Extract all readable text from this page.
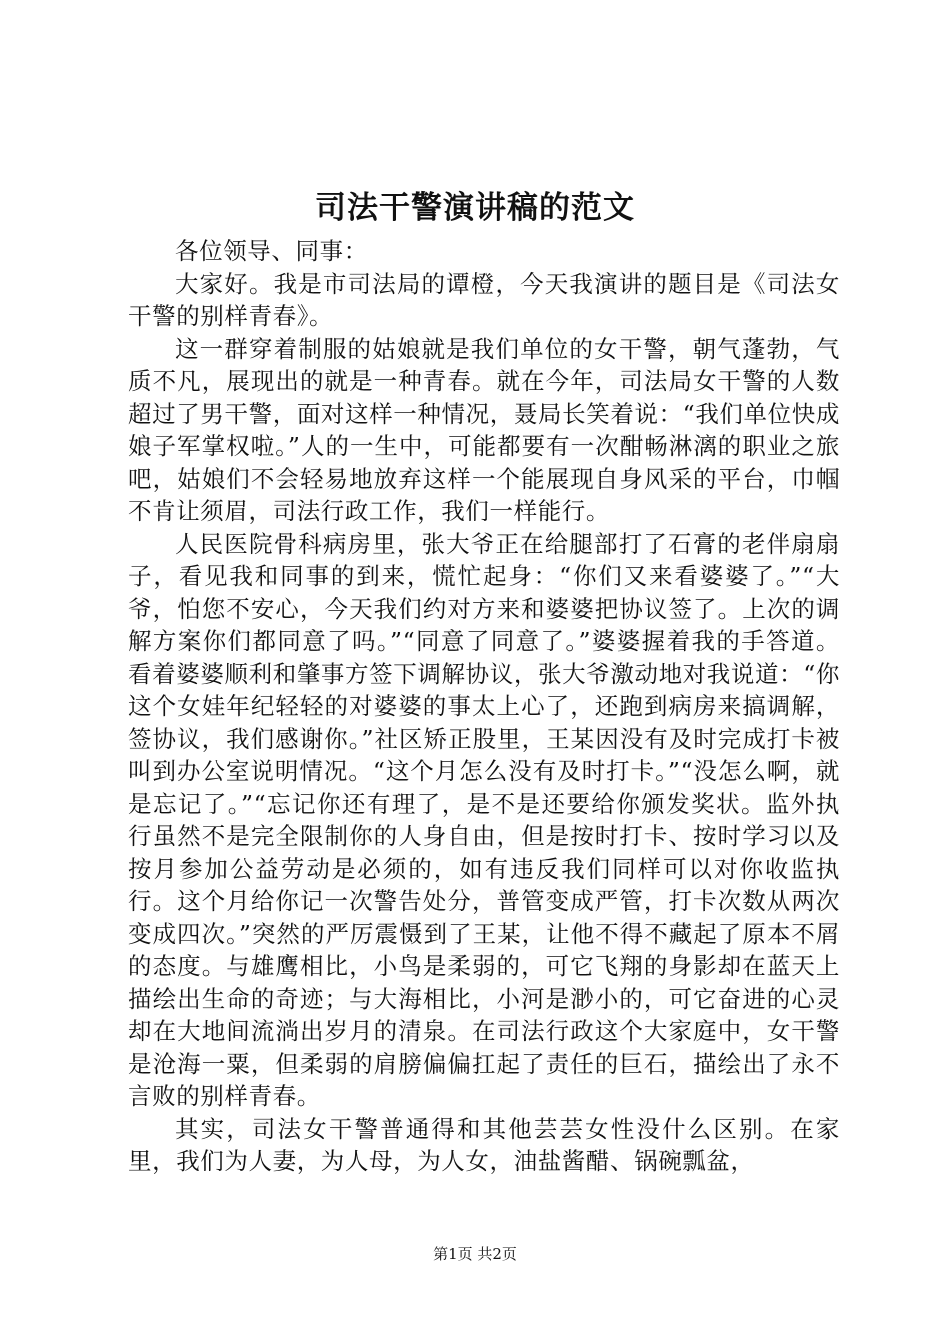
司法干警演讲稿的范文

各位领导、同事：

大家好。我是市司法局的谭橙，今天我演讲的题目是《司法女干警的别样青春》。

这一群穿着制服的姑娘就是我们单位的女干警，朝气蓬勃，气质不凡，展现出的就是一种青春。就在今年，司法局女干警的人数超过了男干警，面对这样一种情况，聂局长笑着说：“我们单位快成娘子军掌权啦。”人的一生中，可能都要有一次酣畅淋漓的职业之旅吧，姑娘们不会轻易地放弃这样一个能展现自身风采的平台，巾帼不肯让须眉，司法行政工作，我们一样能行。

人民医院骨科病房里，张大爷正在给腿部打了石膏的老伴扇扇子，看见我和同事的到来，慌忙起身：“你们又来看婆婆了。”“大爷，怕您不安心，今天我们约对方来和婆婆把协议签了。上次的调解方案你们都同意了吗。”“同意了同意了。”婆婆握着我的手答道。看着婆婆顺利和肇事方签下调解协议，张大爷激动地对我说道：“你这个女娃年纪轻轻的对婆婆的事太上心了，还跑到病房来搞调解，签协议，我们感谢你。”社区矫正股里，王某因没有及时完成打卡被叫到办公室说明情况。“这个月怎么没有及时打卡。”“没怎么啊，就是忘记了。”“忘记你还有理了，是不是还要给你颁发奖状。监外执行虽然不是完全限制你的人身自由，但是按时打卡、按时学习以及按月参加公益劳动是必须的，如有违反我们同样可以对你收监执行。这个月给你记一次警告处分，普管变成严管，打卡次数从两次变成四次。”突然的严厉震慑到了王某，让他不得不藏起了原本不屑的态度。与雄鹰相比，小鸟是柔弱的，可它飞翔的身影却在蓝天上描绘出生命的奇迹；与大海相比，小河是渺小的，可它奋进的心灵却在大地间流淌出岁月的清泉。在司法行政这个大家庭中，女干警是沧海一粟，但柔弱的肩膀偏偏扛起了责任的巨石，描绘出了永不言败的别样青春。

其实，司法女干警普通得和其他芸芸女性没什么区别。在家里，我们为人妻，为人母，为人女，油盐酱醋、锅碗瓢盆，

第1页 共2页
